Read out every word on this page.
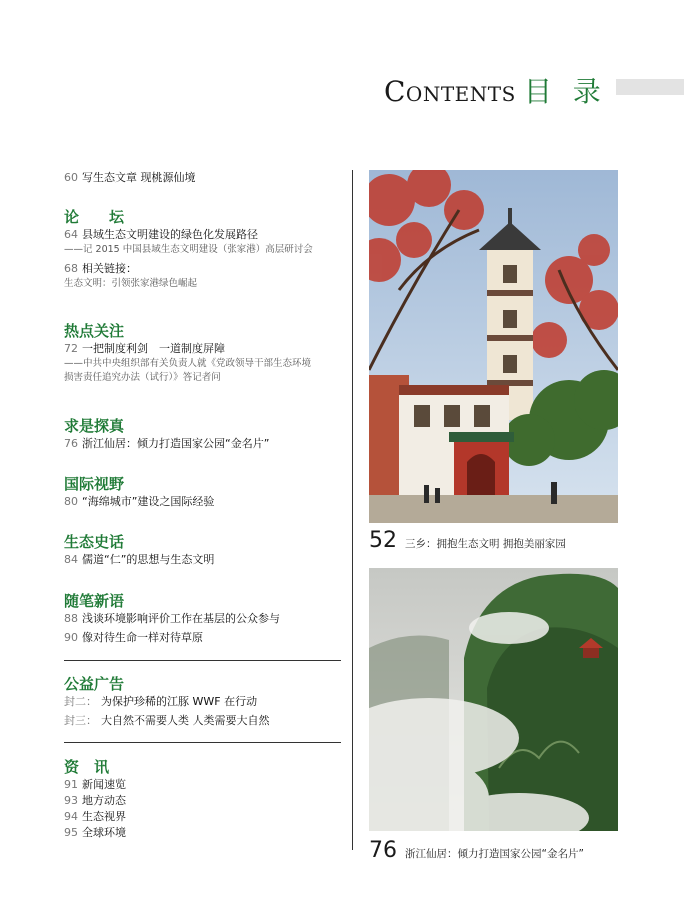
Contents 目 录
60 写生态文章 现桃源仙境
论　　坛
64 县域生态文明建设的绿色化发展路径
——记 2015 中国县域生态文明建设（张家港）高层研讨会
68 相关链接：
生态文明：引领张家港绿色崛起
热点关注
72 一把制度利剑　一道制度屏障
——中共中央组织部有关负责人就《党政领导干部生态环境
损害责任追究办法（试行）》答记者问
求是探真
76 浙江仙居：倾力打造国家公园“金名片”
国际视野
80 “海绵城市”建设之国际经验
生态史话
84 儒道“仁”的思想与生态文明
随笔新语
88 浅谈环境影响评价工作在基层的公众参与
90 像对待生命一样对待草原
公益广告
封二： 为保护珍稀的江豚 WWF 在行动
封三： 大自然不需要人类 人类需要大自然
资　讯
91 新闻速览
93 地方动态
94 生态视界
95 全球环境
52 三乡：拥抱生态文明 拥抱美丽家园
76 浙江仙居：倾力打造国家公园“金名片”
